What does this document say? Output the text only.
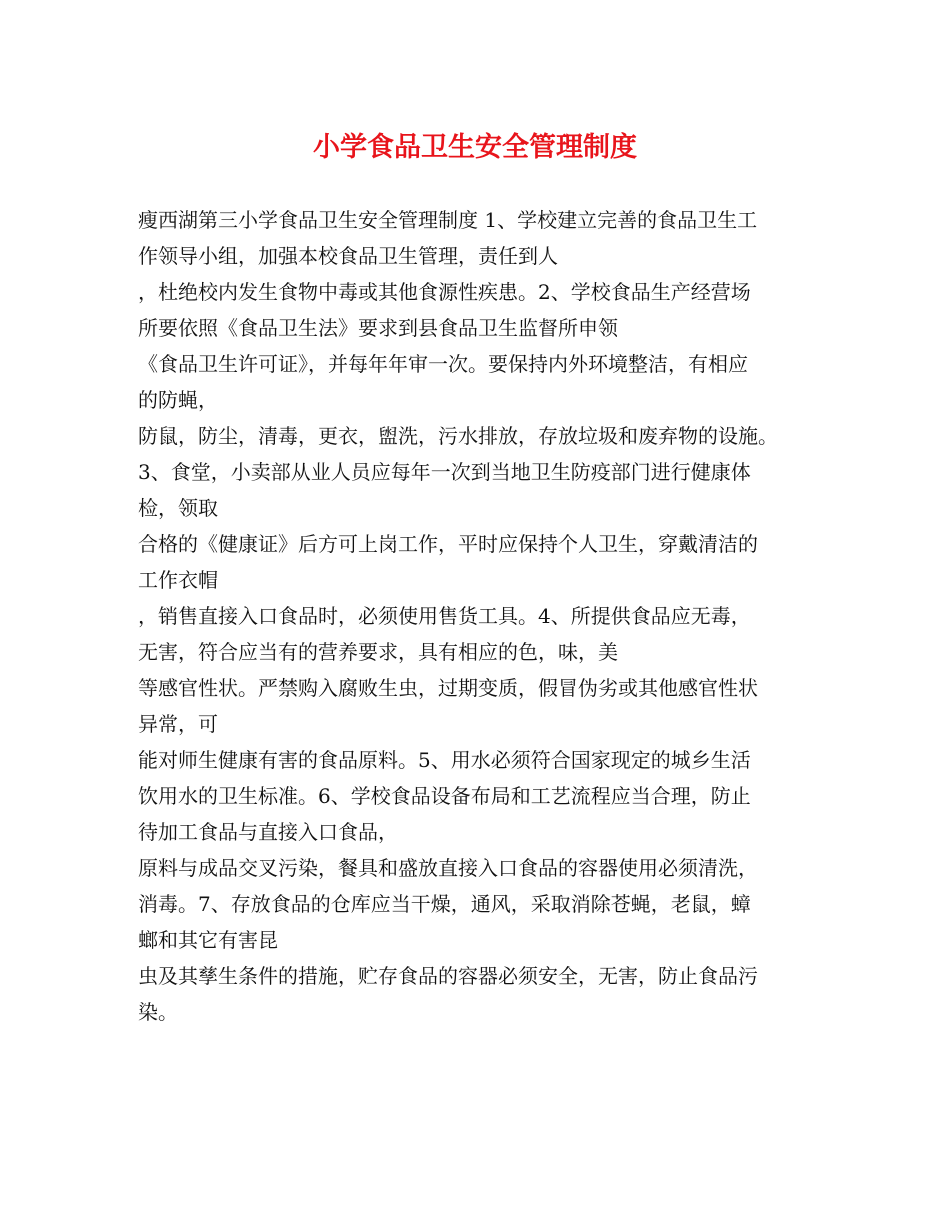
小学食品卫生安全管理制度
瘦西湖第三小学食品卫生安全管理制度 1、学校建立完善的食品卫生工
作领导小组，加强本校食品卫生管理，责任到人
，杜绝校内发生食物中毒或其他食源性疾患。2、学校食品生产经营场
所要依照《食品卫生法》要求到县食品卫生监督所申领
《食品卫生许可证》，并每年年审一次。要保持内外环境整洁，有相应
的防蝇，
防鼠，防尘，清毒，更衣，盥洗，污水排放，存放垃圾和废弃物的设施。
3、食堂，小卖部从业人员应每年一次到当地卫生防疫部门进行健康体
检，领取
合格的《健康证》后方可上岗工作，平时应保持个人卫生，穿戴清洁的
工作衣帽
，销售直接入口食品时，必须使用售货工具。4、所提供食品应无毒，
无害，符合应当有的营养要求，具有相应的色，味，美
等感官性状。严禁购入腐败生虫，过期变质，假冒伪劣或其他感官性状
异常，可
能对师生健康有害的食品原料。5、用水必须符合国家现定的城乡生活
饮用水的卫生标准。6、学校食品设备布局和工艺流程应当合理，防止
待加工食品与直接入口食品，
原料与成品交叉污染，餐具和盛放直接入口食品的容器使用必须清洗，
消毒。7、存放食品的仓库应当干燥，通风，采取消除苍蝇，老鼠，蟑
螂和其它有害昆
虫及其孳生条件的措施，贮存食品的容器必须安全，无害，防止食品污
染。
